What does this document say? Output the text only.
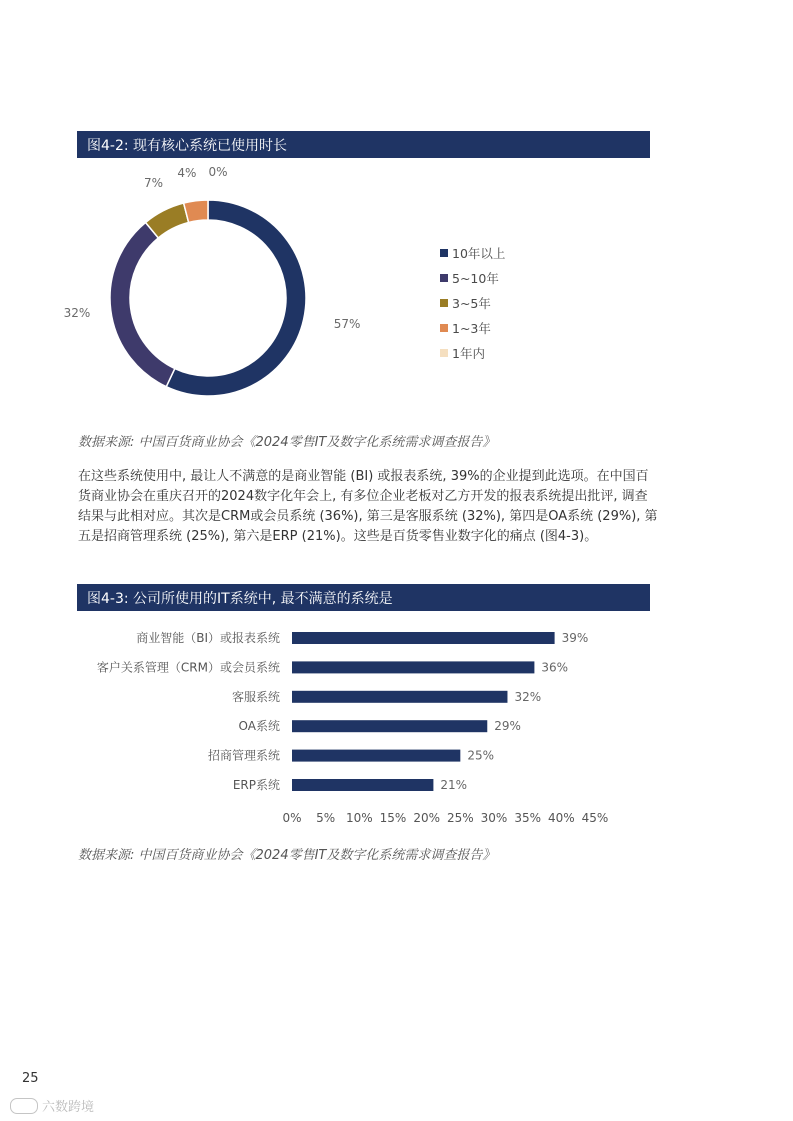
图4-2: 现有核心系统已使用时长
57%
32%
7%
4% 0%
10年以上
5~10年
3~5年
1~3年
1年内
数据来源: 中国百货商业协会《2024零售IT及数字化系统需求调查报告》
在这些系统使用中, 最让人不满意的是商业智能 (BI) 或报表系统, 39%的企业提到此选项。在中国百货商业协会在重庆召开的2024数字化年会上, 有多位企业老板对乙方开发的报表系统提出批评, 调查结果与此相对应。其次是CRM或会员系统 (36%), 第三是客服系统 (32%), 第四是OA系统 (29%), 第五是招商管理系统 (25%), 第六是ERP (21%)。这些是百货零售业数字化的痛点 (图4-3)。
图4-3: 公司所使用的IT系统中, 最不满意的系统是
商业智能（BI）或报表系统	39%
客户关系管理（CRM）或会员系统	36%
客服系统	32%
OA系统	29%
招商管理系统	25%
ERP系统	21%
0% 5% 10% 15% 20% 25% 30% 35% 40% 45%
数据来源: 中国百货商业协会《2024零售IT及数字化系统需求调查报告》
25
六数跨境
